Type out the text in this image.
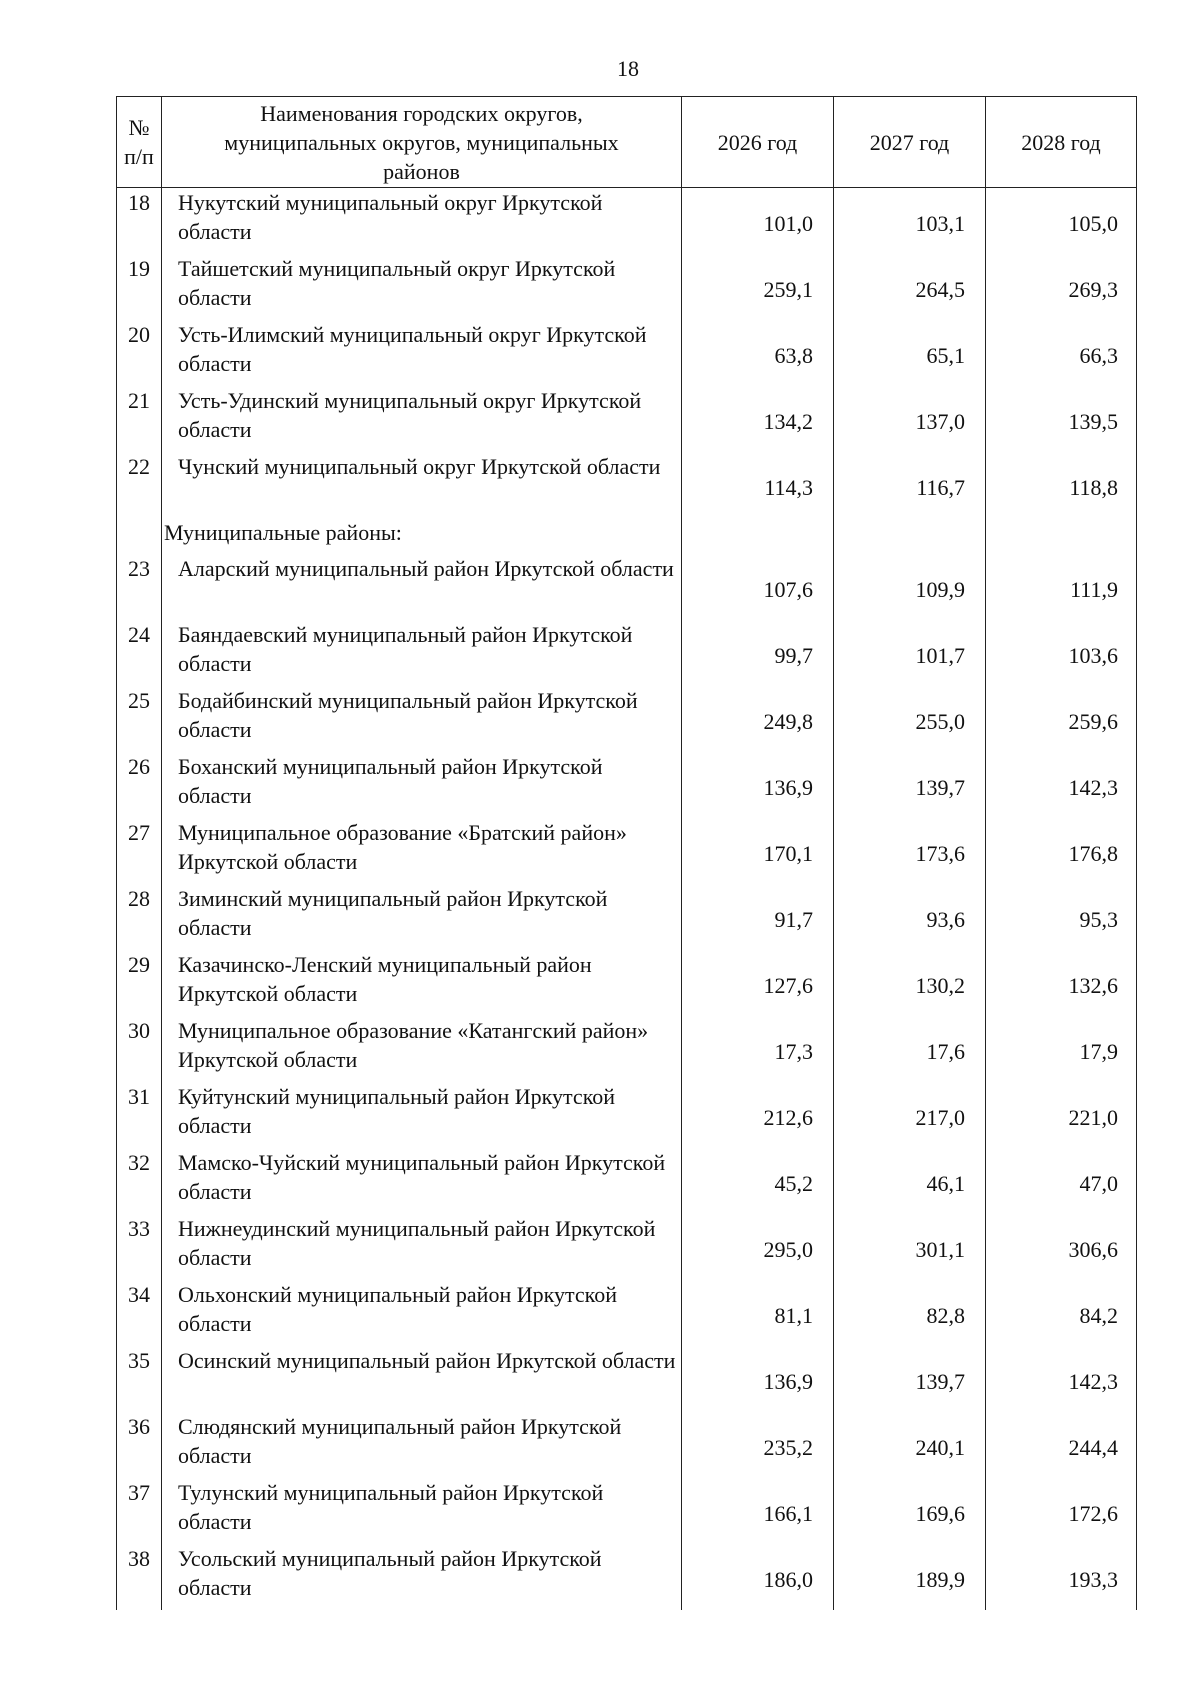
18
№ п/п	Наименования городских округов, муниципальных округов, муниципальных районов	2026 год	2027 год	2028 год
18	Нукутский муниципальный округ Иркутской области	101,0	103,1	105,0
19	Тайшетский муниципальный округ Иркутской области	259,1	264,5	269,3
20	Усть-Илимский муниципальный округ Иркутской области	63,8	65,1	66,3
21	Усть-Удинский муниципальный округ Иркутской области	134,2	137,0	139,5
22	Чунский муниципальный округ Иркутской области	114,3	116,7	118,8
	Муниципальные районы:			
23	Аларский муниципальный район Иркутской области	107,6	109,9	111,9
24	Баяндаевский муниципальный район Иркутской области	99,7	101,7	103,6
25	Бодайбинский муниципальный район Иркутской области	249,8	255,0	259,6
26	Боханский муниципальный район Иркутской области	136,9	139,7	142,3
27	Муниципальное образование «Братский район» Иркутской области	170,1	173,6	176,8
28	Зиминский муниципальный район Иркутской области	91,7	93,6	95,3
29	Казачинско-Ленский муниципальный район Иркутской области	127,6	130,2	132,6
30	Муниципальное образование «Катангский район» Иркутской области	17,3	17,6	17,9
31	Куйтунский муниципальный район Иркутской области	212,6	217,0	221,0
32	Мамско-Чуйский муниципальный район Иркутской области	45,2	46,1	47,0
33	Нижнеудинский муниципальный район Иркутской области	295,0	301,1	306,6
34	Ольхонский муниципальный район Иркутской области	81,1	82,8	84,2
35	Осинский муниципальный район Иркутской области	136,9	139,7	142,3
36	Слюдянский муниципальный район Иркутской области	235,2	240,1	244,4
37	Тулунский муниципальный район Иркутской области	166,1	169,6	172,6
38	Усольский муниципальный район Иркутской области	186,0	189,9	193,3
